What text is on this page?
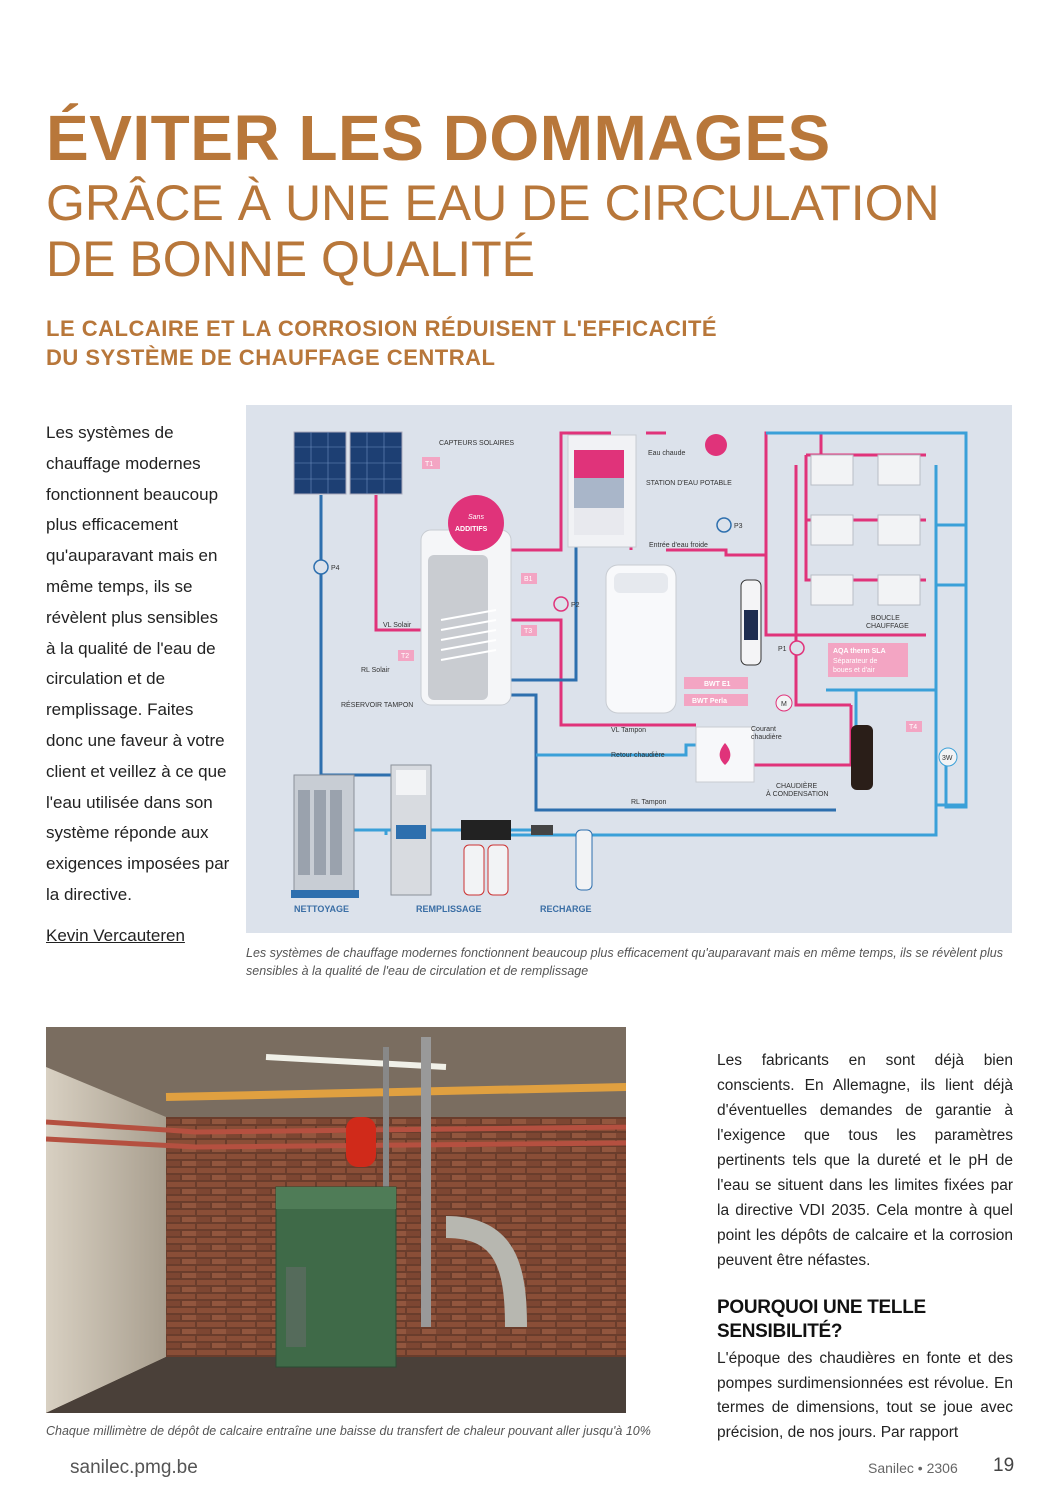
ÉVITER LES DOMMAGES
GRÂCE À UNE EAU DE CIRCULATION DE BONNE QUALITÉ
LE CALCAIRE ET LA CORROSION RÉDUISENT L'EFFICACITÉ
DU SYSTÈME DE CHAUFFAGE CENTRAL

Les systèmes de chauffage modernes fonctionnent beaucoup plus efficacement qu'auparavant mais en même temps, ils se révèlent plus sensibles à la qualité de l'eau de circulation et de remplissage. Faites donc une faveur à votre client et veillez à ce que l'eau utilisée dans son système réponde aux exigences imposées par la directive.

Kevin Vercauteren
CAPTEURS SOLAIRES
T1
Sans
ADDITIFS
B1
T3
T2
VL Solair
RL Solair
RÉSERVOIR TAMPON
P4
P2
P3
P1
Eau chaude
STATION D'EAU POTABLE
Entrée d'eau froide
BWT E1
BWT Perla
BOUCLE
CHAUFFAGE
AQA therm SLA
Séparateur de
boues et d'air
M
T4
3W
VL Tampon
Retour chaudière
Courant
chaudière
CHAUDIÈRE
À CONDENSATION
RL Tampon
NETTOYAGE	REMPLISSAGE	RECHARGE
Les systèmes de chauffage modernes fonctionnent beaucoup plus efficacement qu'auparavant mais en même temps, ils se révèlent plus sensibles à la qualité de l'eau de circulation et de remplissage
Chaque millimètre de dépôt de calcaire entraîne une baisse du transfert de chaleur pouvant aller jusqu'à 10%

Les fabricants en sont déjà bien conscients. En Allemagne, ils lient déjà d'éventuelles demandes de garantie à l'exigence que tous les paramètres pertinents tels que la dureté et le pH de l'eau se situent dans les limites fixées par la directive VDI 2035. Cela montre à quel point les dépôts de calcaire et la corrosion peuvent être néfastes.

POURQUOI UNE TELLE
SENSIBILITÉ?

L'époque des chaudières en fonte et des pompes surdimensionnées est révolue. En termes de dimensions, tout se joue avec précision, de nos jours. Par rapport

sanilec.pmg.be	Sanilec • 2306 19
